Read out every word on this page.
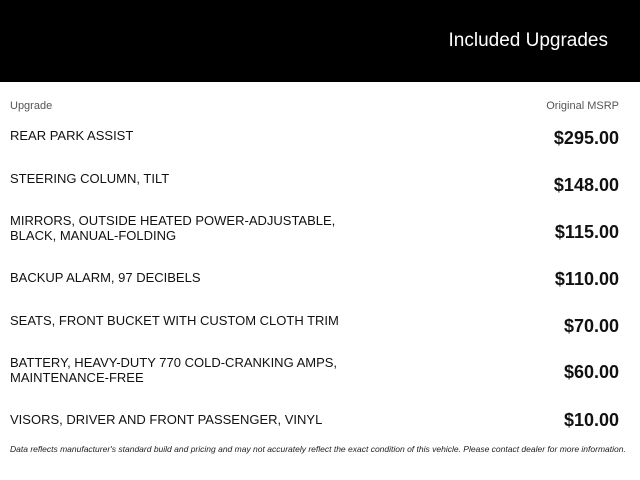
Included Upgrades
Upgrade	Original MSRP
REAR PARK ASSIST	$295.00
STEERING COLUMN, TILT	$148.00
MIRRORS, OUTSIDE HEATED POWER-ADJUSTABLE, BLACK, MANUAL-FOLDING	$115.00
BACKUP ALARM, 97 DECIBELS	$110.00
SEATS, FRONT BUCKET WITH CUSTOM CLOTH TRIM	$70.00
BATTERY, HEAVY-DUTY 770 COLD-CRANKING AMPS, MAINTENANCE-FREE	$60.00
VISORS, DRIVER AND FRONT PASSENGER, VINYL	$10.00
Data reflects manufacturer's standard build and pricing and may not accurately reflect the exact condition of this vehicle. Please contact dealer for more information.
